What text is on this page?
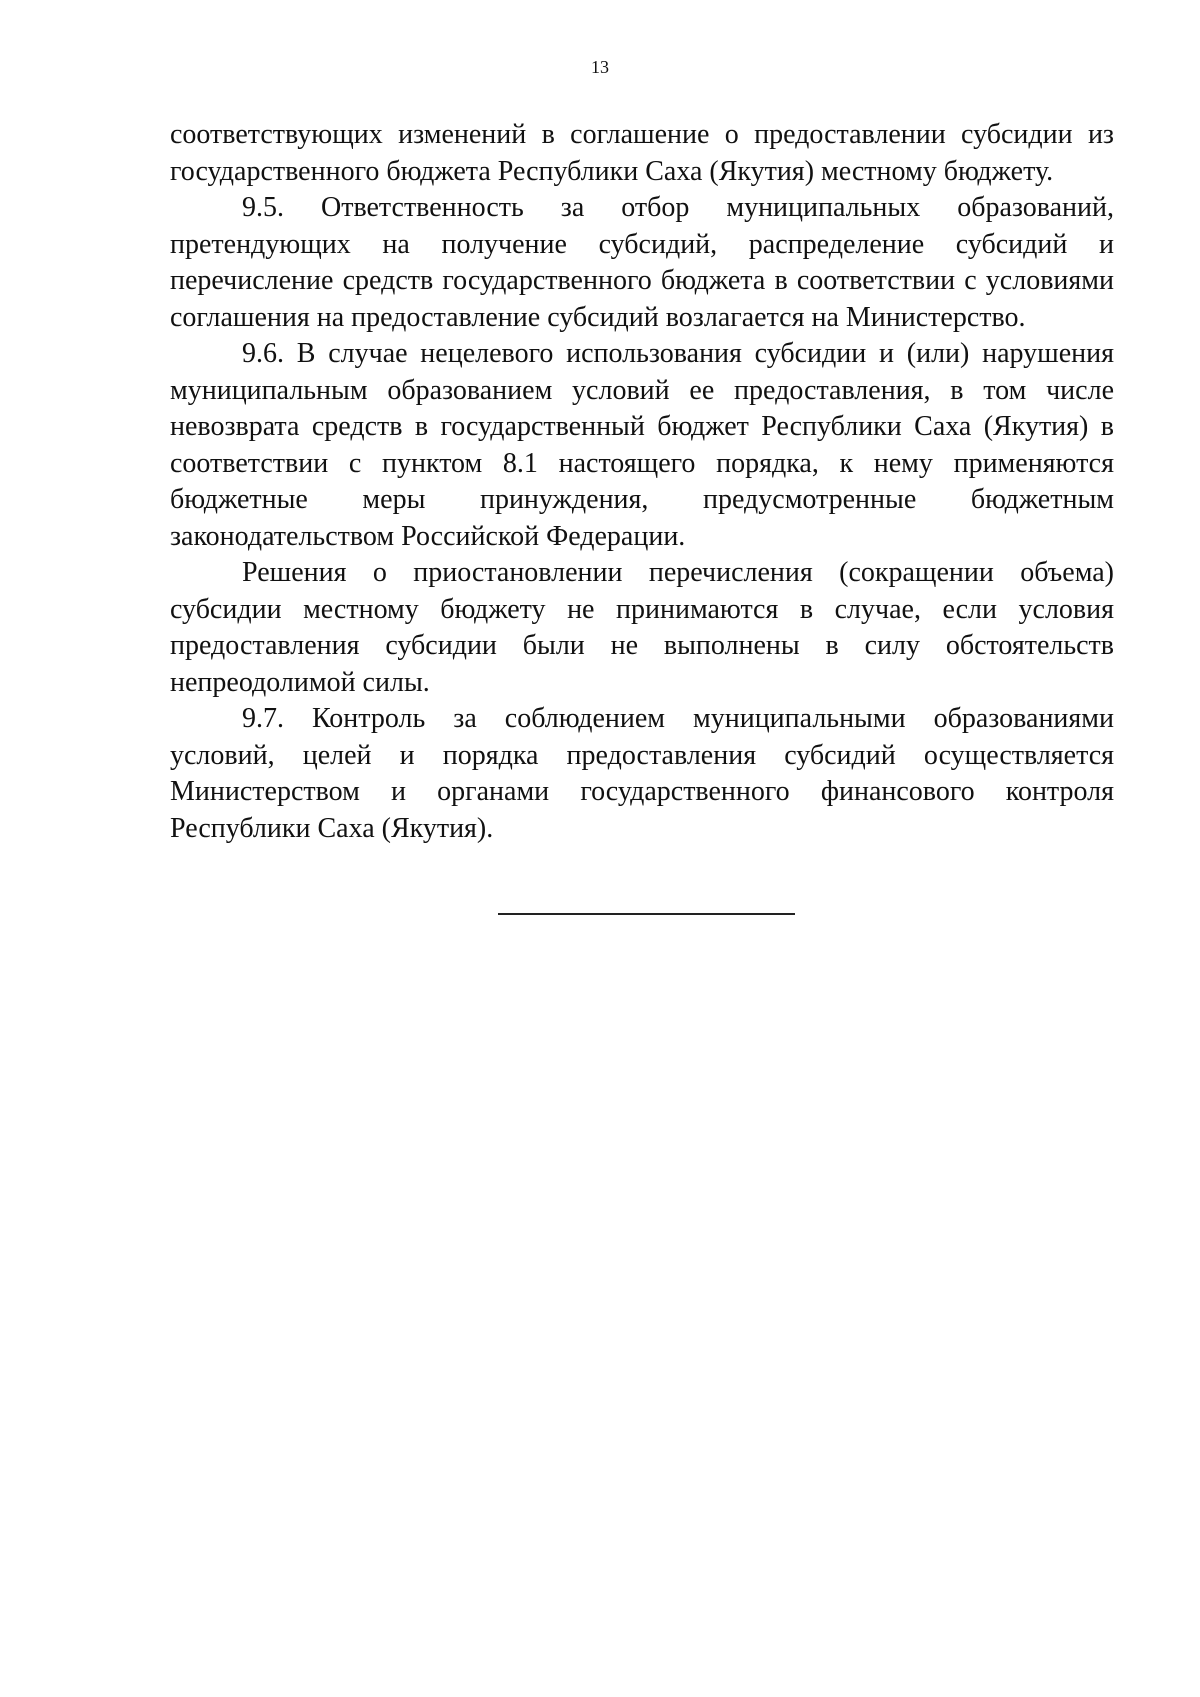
13

соответствующих изменений в соглашение о предоставлении субсидии из государственного бюджета Республики Саха (Якутия) местному бюджету.

9.5. Ответственность за отбор муниципальных образований, претендующих на получение субсидий, распределение субсидий и перечисление средств государственного бюджета в соответствии с условиями соглашения на предоставление субсидий возлагается на Министерство.

9.6. В случае нецелевого использования субсидии и (или) нарушения муниципальным образованием условий ее предоставления, в том числе невозврата средств в государственный бюджет Республики Саха (Якутия) в соответствии с пунктом 8.1 настоящего порядка, к нему применяются бюджетные меры принуждения, предусмотренные бюджетным законодательством Российской Федерации.

Решения о приостановлении перечисления (сокращении объема) субсидии местному бюджету не принимаются в случае, если условия предоставления субсидии были не выполнены в силу обстоятельств непреодолимой силы.

9.7. Контроль за соблюдением муниципальными образованиями условий, целей и порядка предоставления субсидий осуществляется Министерством и органами государственного финансового контроля Республики Саха (Якутия).
